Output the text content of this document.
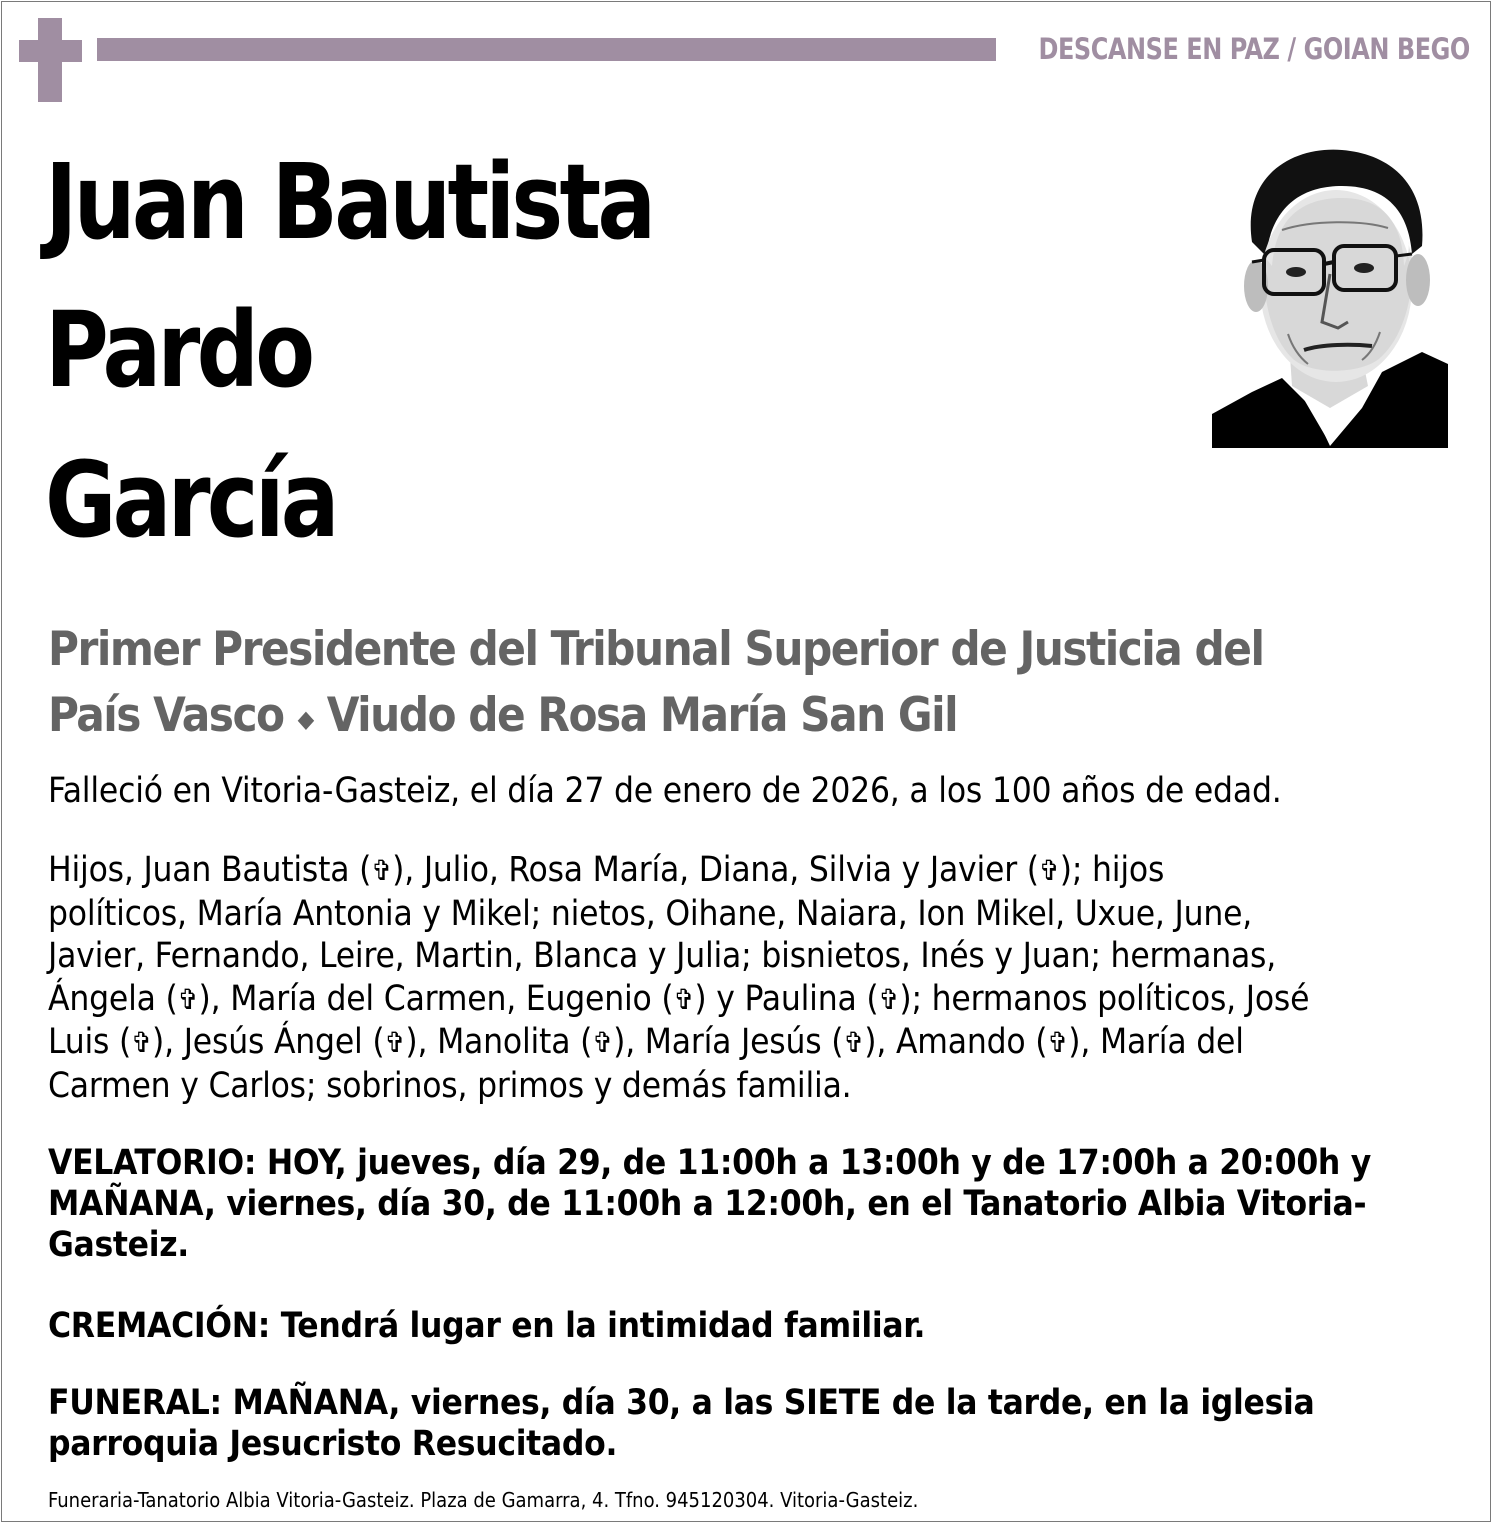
DESCANSE EN PAZ / GOIAN BEGO
Juan Bautista
Pardo
García
Primer Presidente del Tribunal Superior de Justicia del
País Vasco ◆ Viudo de Rosa María San Gil
Falleció en Vitoria-Gasteiz, el día 27 de enero de 2026, a los 100 años de edad.
Hijos, Juan Bautista (✞), Julio, Rosa María, Diana, Silvia y Javier (✞); hijos
políticos, María Antonia y Mikel; nietos, Oihane, Naiara, Ion Mikel, Uxue, June,
Javier, Fernando, Leire, Martin, Blanca y Julia; bisnietos, Inés y Juan; hermanas,
Ángela (✞), María del Carmen, Eugenio (✞) y Paulina (✞); hermanos políticos, José
Luis (✞), Jesús Ángel (✞), Manolita (✞), María Jesús (✞), Amando (✞), María del
Carmen y Carlos; sobrinos, primos y demás familia.
VELATORIO: HOY, jueves, día 29, de 11:00h a 13:00h y de 17:00h a 20:00h y
MAÑANA, viernes, día 30, de 11:00h a 12:00h, en el Tanatorio Albia Vitoria-
Gasteiz.
CREMACIÓN: Tendrá lugar en la intimidad familiar.
FUNERAL: MAÑANA, viernes, día 30, a las SIETE de la tarde, en la iglesia
parroquia Jesucristo Resucitado.
Funeraria-Tanatorio Albia Vitoria-Gasteiz. Plaza de Gamarra, 4. Tfno. 945120304. Vitoria-Gasteiz.
